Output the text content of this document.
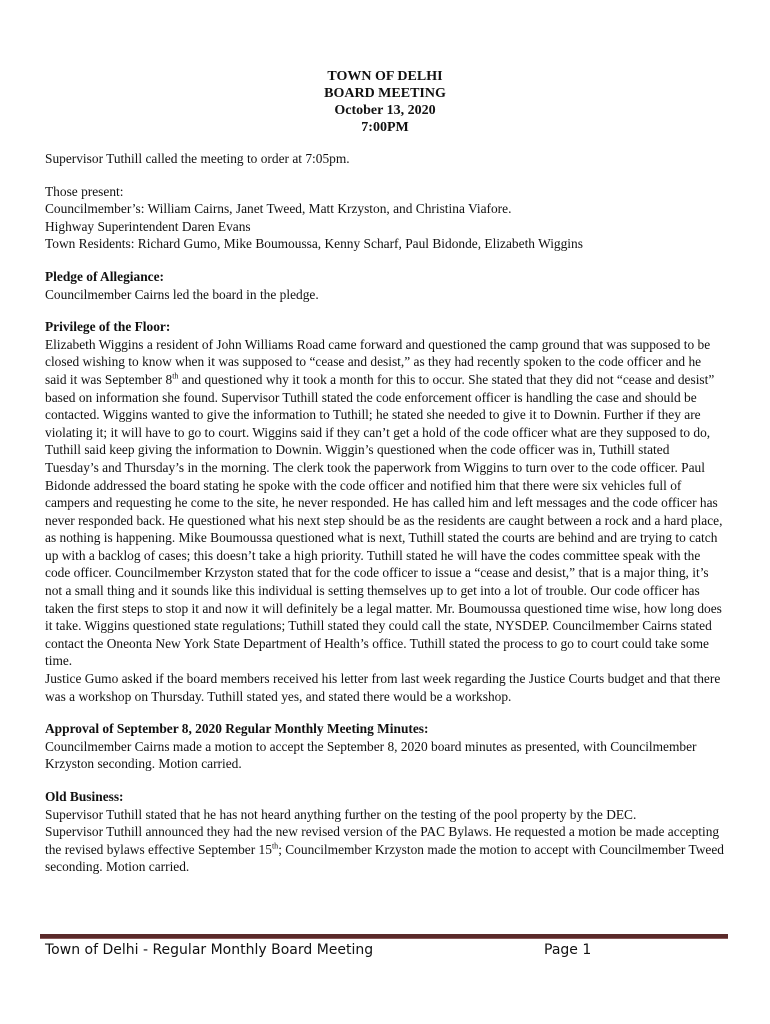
TOWN OF DELHI
BOARD MEETING
October 13, 2020
7:00PM

Supervisor Tuthill called the meeting to order at 7:05pm.

Those present:

Councilmember’s: William Cairns, Janet Tweed, Matt Krzyston, and Christina Viafore.

Highway Superintendent Daren Evans

Town Residents: Richard Gumo, Mike Boumoussa, Kenny Scharf, Paul Bidonde, Elizabeth Wiggins

Pledge of Allegiance:

Councilmember Cairns led the board in the pledge.

Privilege of the Floor:

Elizabeth Wiggins a resident of John Williams Road came forward and questioned the camp ground that was supposed to be closed wishing to know when it was supposed to “cease and desist,” as they had recently spoken to the code officer and he said it was September 8th and questioned why it took a month for this to occur. She stated that they did not “cease and desist” based on information she found. Supervisor Tuthill stated the code enforcement officer is handling the case and should be contacted. Wiggins wanted to give the information to Tuthill; he stated she needed to give it to Downin. Further if they are violating it; it will have to go to court. Wiggins said if they can’t get a hold of the code officer what are they supposed to do, Tuthill said keep giving the information to Downin. Wiggin’s questioned when the code officer was in, Tuthill stated Tuesday’s and Thursday’s in the morning. The clerk took the paperwork from Wiggins to turn over to the code officer. Paul Bidonde addressed the board stating he spoke with the code officer and notified him that there were six vehicles full of campers and requesting he come to the site, he never responded. He has called him and left messages and the code officer has never responded back. He questioned what his next step should be as the residents are caught between a rock and a hard place, as nothing is happening. Mike Boumoussa questioned what is next, Tuthill stated the courts are behind and are trying to catch up with a backlog of cases; this doesn’t take a high priority. Tuthill stated he will have the codes committee speak with the code officer. Councilmember Krzyston stated that for the code officer to issue a “cease and desist,” that is a major thing, it’s not a small thing and it sounds like this individual is setting themselves up to get into a lot of trouble. Our code officer has taken the first steps to stop it and now it will definitely be a legal matter. Mr. Boumoussa questioned time wise, how long does it take. Wiggins questioned state regulations; Tuthill stated they could call the state, NYSDEP. Councilmember Cairns stated contact the Oneonta New York State Department of Health’s office. Tuthill stated the process to go to court could take some time.

Justice Gumo asked if the board members received his letter from last week regarding the Justice Courts budget and that there was a workshop on Thursday. Tuthill stated yes, and stated there would be a workshop.

Approval of September 8, 2020 Regular Monthly Meeting Minutes:

Councilmember Cairns made a motion to accept the September 8, 2020 board minutes as presented, with Councilmember Krzyston seconding. Motion carried.

Old Business:

Supervisor Tuthill stated that he has not heard anything further on the testing of the pool property by the DEC.

Supervisor Tuthill announced they had the new revised version of the PAC Bylaws. He requested a motion be made accepting the revised bylaws effective September 15th; Councilmember Krzyston made the motion to accept with Councilmember Tweed seconding. Motion carried.

Town of Delhi - Regular Monthly Board Meeting	Page 1
